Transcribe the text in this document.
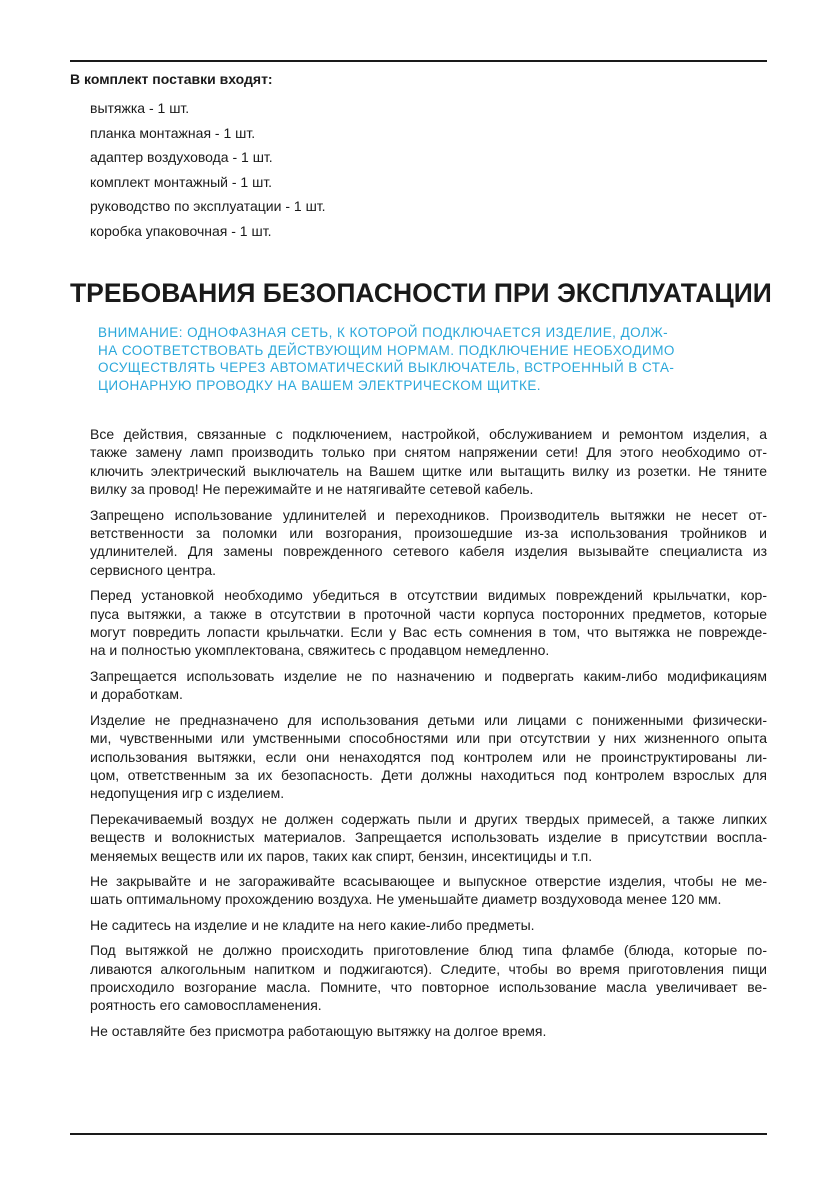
В комплект поставки входят:
вытяжка - 1 шт.
планка монтажная - 1 шт.
адаптер воздуховода - 1 шт.
комплект монтажный - 1 шт.
руководство по эксплуатации - 1 шт.
коробка упаковочная - 1 шт.
ТРЕБОВАНИЯ БЕЗОПАСНОСТИ ПРИ ЭКСПЛУАТАЦИИ
ВНИМАНИЕ: ОДНОФАЗНАЯ СЕТЬ, К КОТОРОЙ ПОДКЛЮЧАЕТСЯ ИЗДЕЛИЕ, ДОЛЖ-
НА СООТВЕТСТВОВАТЬ ДЕЙСТВУЮЩИМ НОРМАМ. ПОДКЛЮЧЕНИЕ НЕОБХОДИМО
ОСУЩЕСТВЛЯТЬ ЧЕРЕЗ АВТОМАТИЧЕСКИЙ ВЫКЛЮЧАТЕЛЬ, ВСТРОЕННЫЙ В СТА-
ЦИОНАРНУЮ ПРОВОДКУ НА ВАШЕМ ЭЛЕКТРИЧЕСКОМ ЩИТКЕ.

Все действия, связанные с подключением, настройкой, обслуживанием и ремонтом изделия, а
также замену ламп производить только при снятом напряжении сети! Для этого необходимо от-
ключить электрический выключатель на Вашем щитке или вытащить вилку из розетки. Не тяните
вилку за провод! Не пережимайте и не натягивайте сетевой кабель.

Запрещено использование удлинителей и переходников. Производитель вытяжки не несет от-
ветственности за поломки или возгорания, произошедшие из-за использования тройников и
удлинителей. Для замены поврежденного сетевого кабеля изделия вызывайте специалиста из
сервисного центра.

Перед установкой необходимо убедиться в отсутствии видимых повреждений крыльчатки, кор-
пуса вытяжки, а также в отсутствии в проточной части корпуса посторонних предметов, которые
могут повредить лопасти крыльчатки. Если у Вас есть сомнения в том, что вытяжка не поврежде-
на и полностью укомплектована, свяжитесь с продавцом немедленно.

Запрещается использовать изделие не по назначению и подвергать каким-либо модификациям
и доработкам.

Изделие не предназначено для использования детьми или лицами с пониженными физически-
ми, чувственными или умственными способностями или при отсутствии у них жизненного опыта
использования вытяжки, если они ненаходятся под контролем или не проинструктированы ли-
цом, ответственным за их безопасность. Дети должны находиться под контролем взрослых для
недопущения игр с изделием.

Перекачиваемый воздух не должен содержать пыли и других твердых примесей, а также липких
веществ и волокнистых материалов. Запрещается использовать изделие в присутствии воспла-
меняемых веществ или их паров, таких как спирт, бензин, инсектициды и т.п.

Не закрывайте и не загораживайте всасывающее и выпускное отверстие изделия, чтобы не ме-
шать оптимальному прохождению воздуха. Не уменьшайте диаметр воздуховода менее 120 мм.

Не садитесь на изделие и не кладите на него какие-либо предметы.

Под вытяжкой не должно происходить приготовление блюд типа фламбе (блюда, которые по-
ливаются алкогольным напитком и поджигаются). Следите, чтобы во время приготовления пищи
происходило возгорание масла. Помните, что повторное использование масла увеличивает ве-
роятность его самовоспламенения.

Не оставляйте без присмотра работающую вытяжку на долгое время.
